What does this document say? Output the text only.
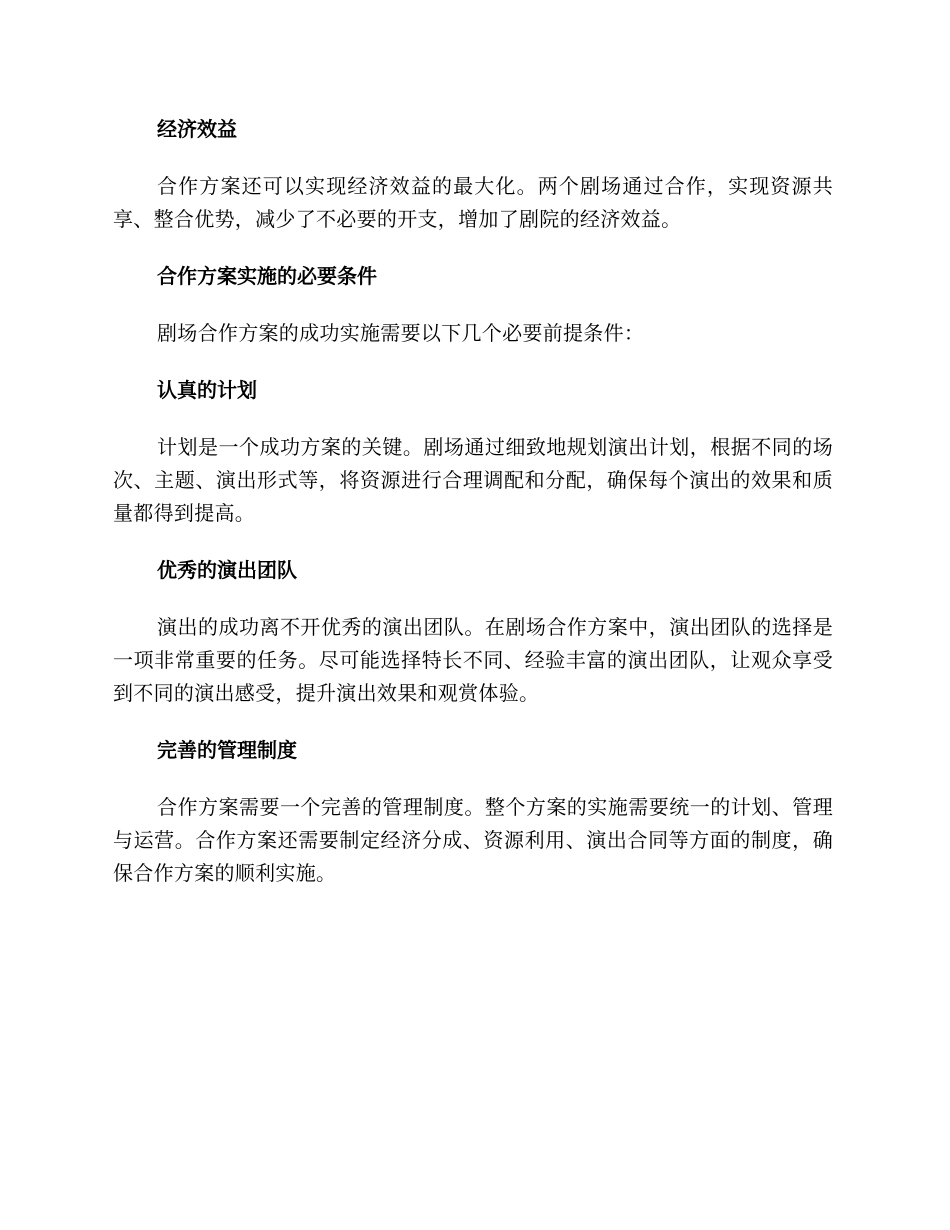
经济效益

合作方案还可以实现经济效益的最大化。两个剧场通过合作，实现资源共享、整合优势，减少了不必要的开支，增加了剧院的经济效益。

合作方案实施的必要条件

剧场合作方案的成功实施需要以下几个必要前提条件：

认真的计划

计划是一个成功方案的关键。剧场通过细致地规划演出计划，根据不同的场次、主题、演出形式等，将资源进行合理调配和分配，确保每个演出的效果和质量都得到提高。

优秀的演出团队

演出的成功离不开优秀的演出团队。在剧场合作方案中，演出团队的选择是一项非常重要的任务。尽可能选择特长不同、经验丰富的演出团队，让观众享受到不同的演出感受，提升演出效果和观赏体验。

完善的管理制度

合作方案需要一个完善的管理制度。整个方案的实施需要统一的计划、管理与运营。合作方案还需要制定经济分成、资源利用、演出合同等方面的制度，确保合作方案的顺利实施。
